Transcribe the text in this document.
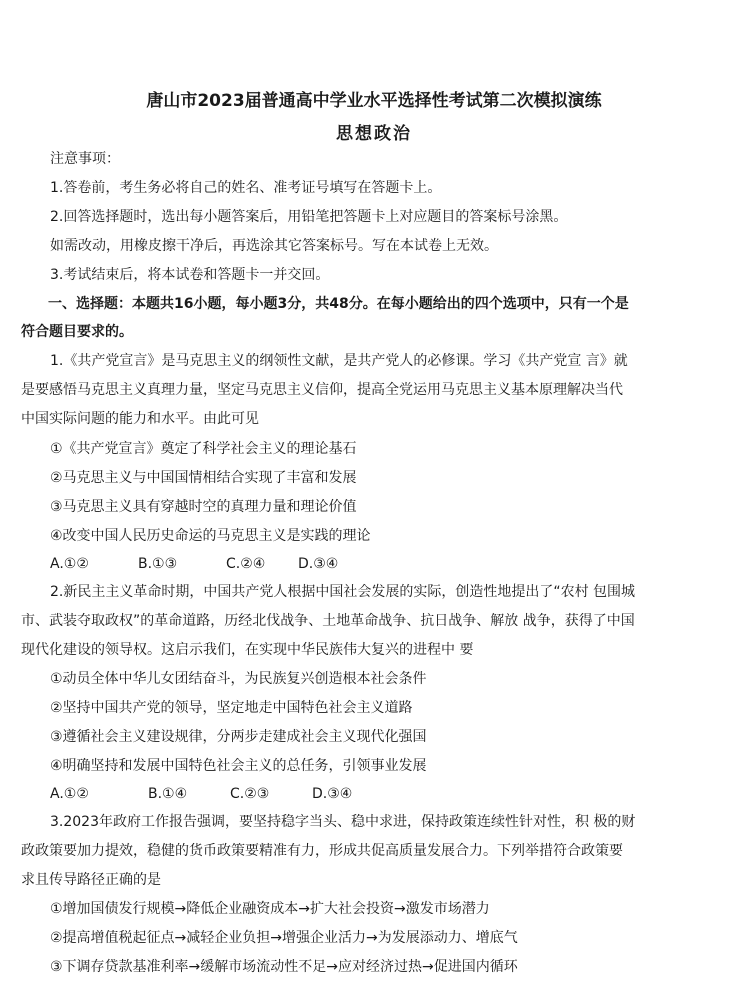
唐山市2023届普通高中学业水平选择性考试第二次模拟演练
思想政治
注意事项：
1.答卷前，考生务必将自己的姓名、准考证号填写在答题卡上。
2.回答选择题时，选出每小题答案后，用铅笔把答题卡上对应题目的答案标号涂黑。
如需改动，用橡皮擦干净后，再选涂其它答案标号。写在本试卷上无效。
3.考试结束后，将本试卷和答题卡一并交回。
一、选择题：本题共16小题，每小题3分，共48分。在每小题给出的四个选项中，只有一个是
符合题目要求的。
1.《共产党宣言》是马克思主义的纲领性文献，是共产党人的必修课。学习《共产党宣 言》就
是要感悟马克思主义真理力量，坚定马克思主义信仰，提高全党运用马克思主义基本原理解决当代
中国实际问题的能力和水平。由此可见
①《共产党宣言》奠定了科学社会主义的理论基石
②马克思主义与中国国情相结合实现了丰富和发展
③马克思主义具有穿越时空的真理力量和理论价值
④改变中国人民历史命运的马克思主义是实践的理论
A.①②	B.①③	C.②④ D.③④
2.新民主主义革命时期，中国共产党人根据中国社会发展的实际，创造性地提出了“农村 包围城
市、武装夺取政权”的革命道路，历经北伐战争、土地革命战争、抗日战争、解放 战争，获得了中国
现代化建设的领导权。这启示我们，在实现中华民族伟大复兴的进程中 要
①动员全体中华儿女团结奋斗，为民族复兴创造根本社会条件
②坚持中国共产党的领导，坚定地走中国特色社会主义道路
③遵循社会主义建设规律，分两步走建成社会主义现代化强国
④明确坚持和发展中国特色社会主义的总任务，引领事业发展
A.①②	B.①④	C.②③	D.③④
3.2023年政府工作报告强调，要坚持稳字当头、稳中求进，保持政策连续性针对性，积 极的财
政政策要加力提效，稳健的货币政策要精准有力，形成共促高质量发展合力。下列举措符合政策要
求且传导路径正确的是
①增加国债发行规模→降低企业融资成本→扩大社会投资→激发市场潜力
②提高增值税起征点→减轻企业负担→增强企业活力→为发展添动力、增底气
③下调存贷款基准利率→缓解市场流动性不足→应对经济过热→促进国内循环
